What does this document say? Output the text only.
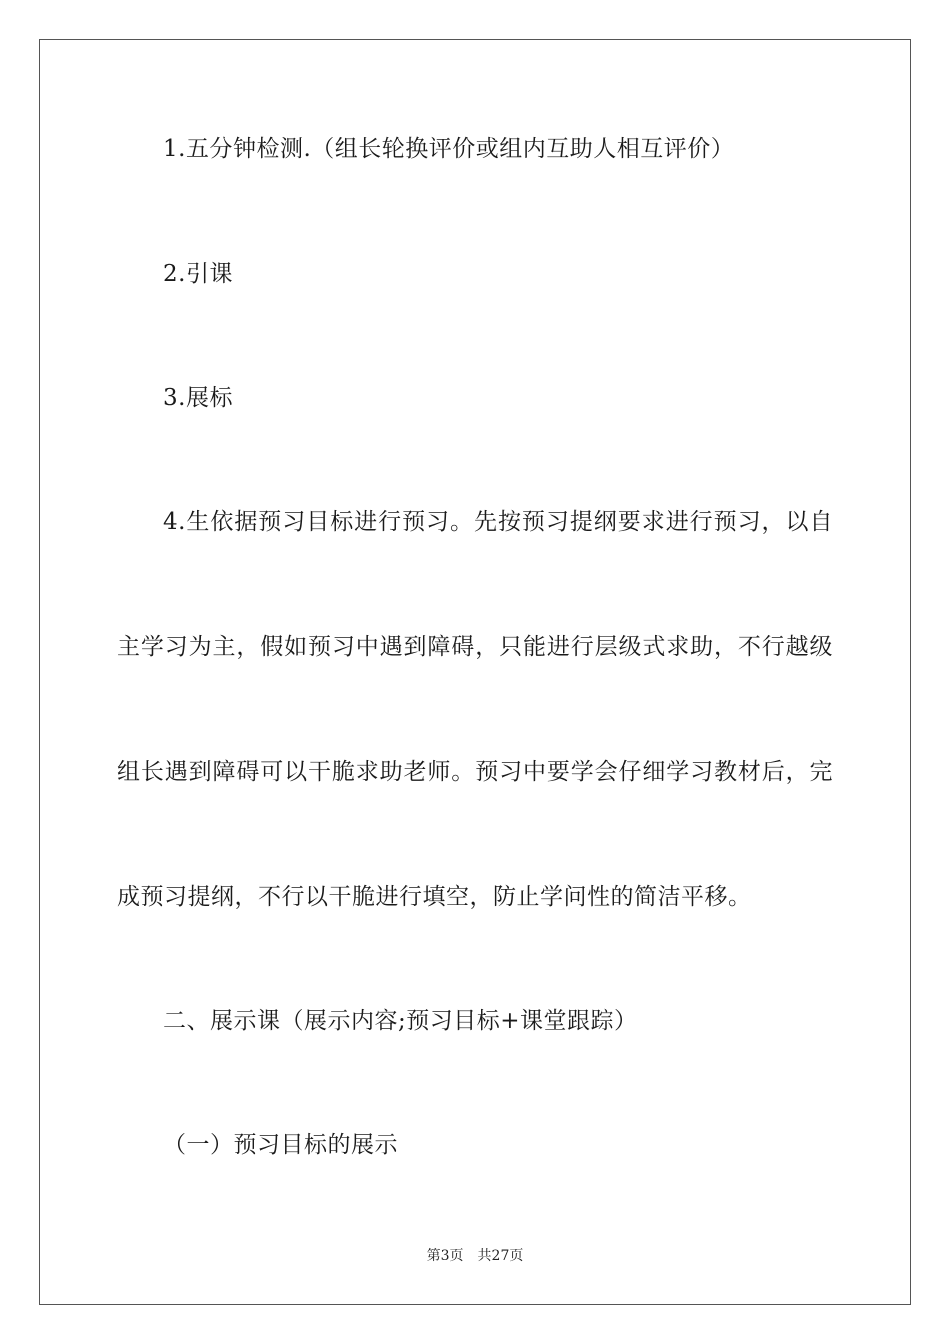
1.五分钟检测.（组长轮换评价或组内互助人相互评价）
2.引课
3.展标
4.生依据预习目标进行预习。先按预习提纲要求进行预习，以自
主学习为主，假如预习中遇到障碍，只能进行层级式求助，不行越级
组长遇到障碍可以干脆求助老师。预习中要学会仔细学习教材后，完
成预习提纲，不行以干脆进行填空，防止学问性的简洁平移。
二、展示课（展示内容;预习目标+课堂跟踪）
（一）预习目标的展示
第3页 共27页
